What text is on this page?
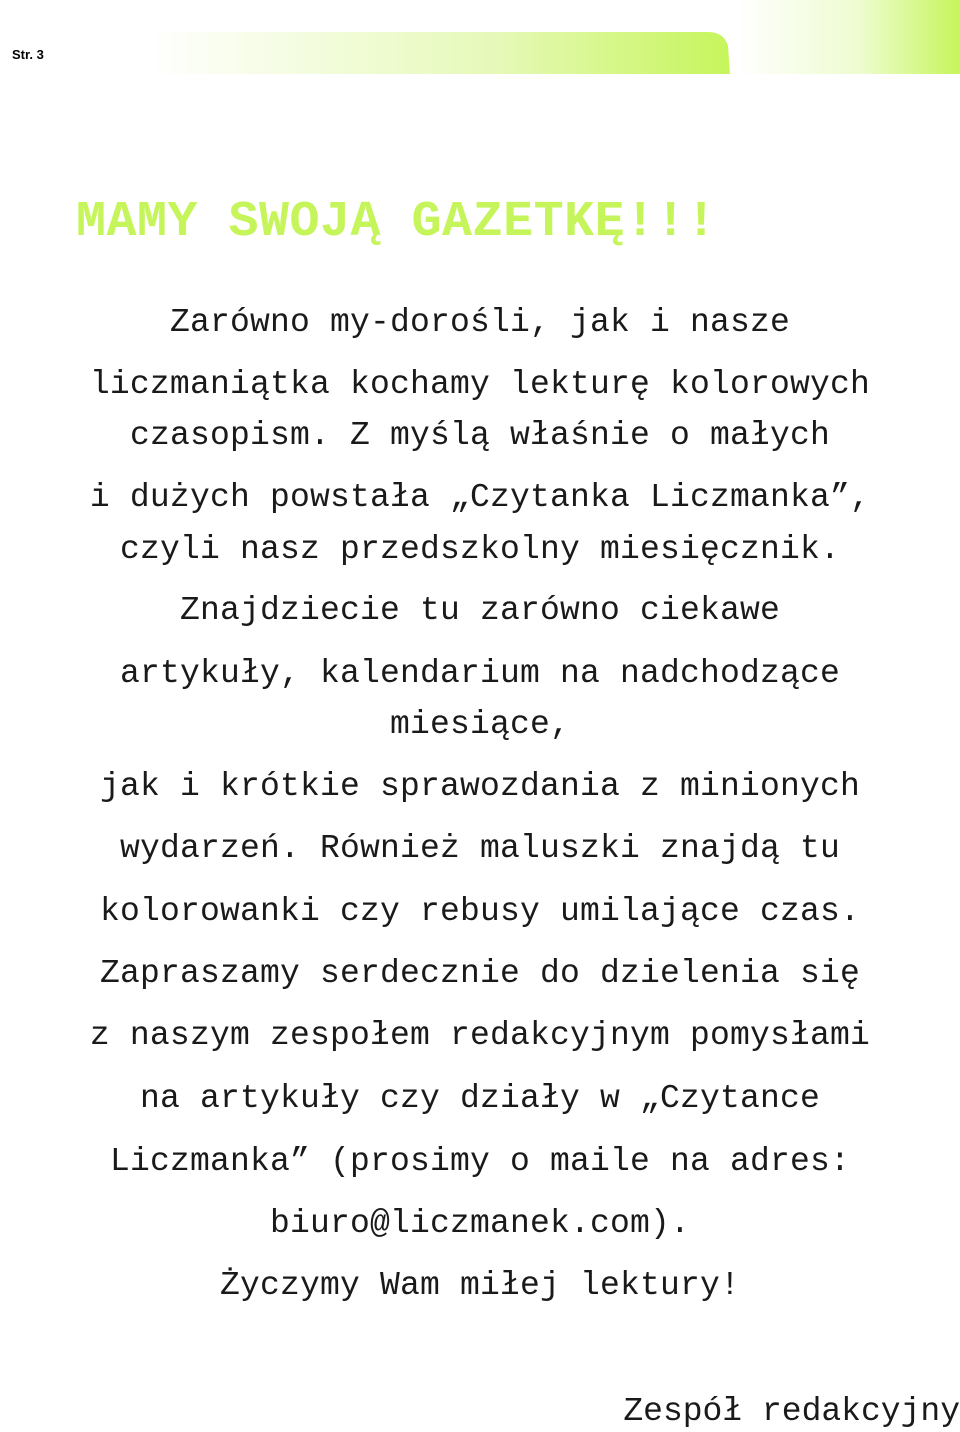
Str. 3
MAMY SWOJĄ GAZETKĘ!!!
Zarówno my-dorośli, jak i nasze
liczmaniątka kochamy lekturę kolorowych
czasopism. Z myślą właśnie o małych
i dużych powstała „Czytanka Liczmanka”,
czyli nasz przedszkolny miesięcznik.
Znajdziecie tu zarówno ciekawe
artykuły, kalendarium na nadchodzące
miesiące,
jak i krótkie sprawozdania z minionych
wydarzeń. Również maluszki znajdą tu
kolorowanki czy rebusy umilające czas.
Zapraszamy serdecznie do dzielenia się
z naszym zespołem redakcyjnym pomysłami
na artykuły czy działy w „Czytance
Liczmanka” (prosimy o maile na adres:
biuro@liczmanek.com).
Życzymy Wam miłej lektury!
Zespół redakcyjny
